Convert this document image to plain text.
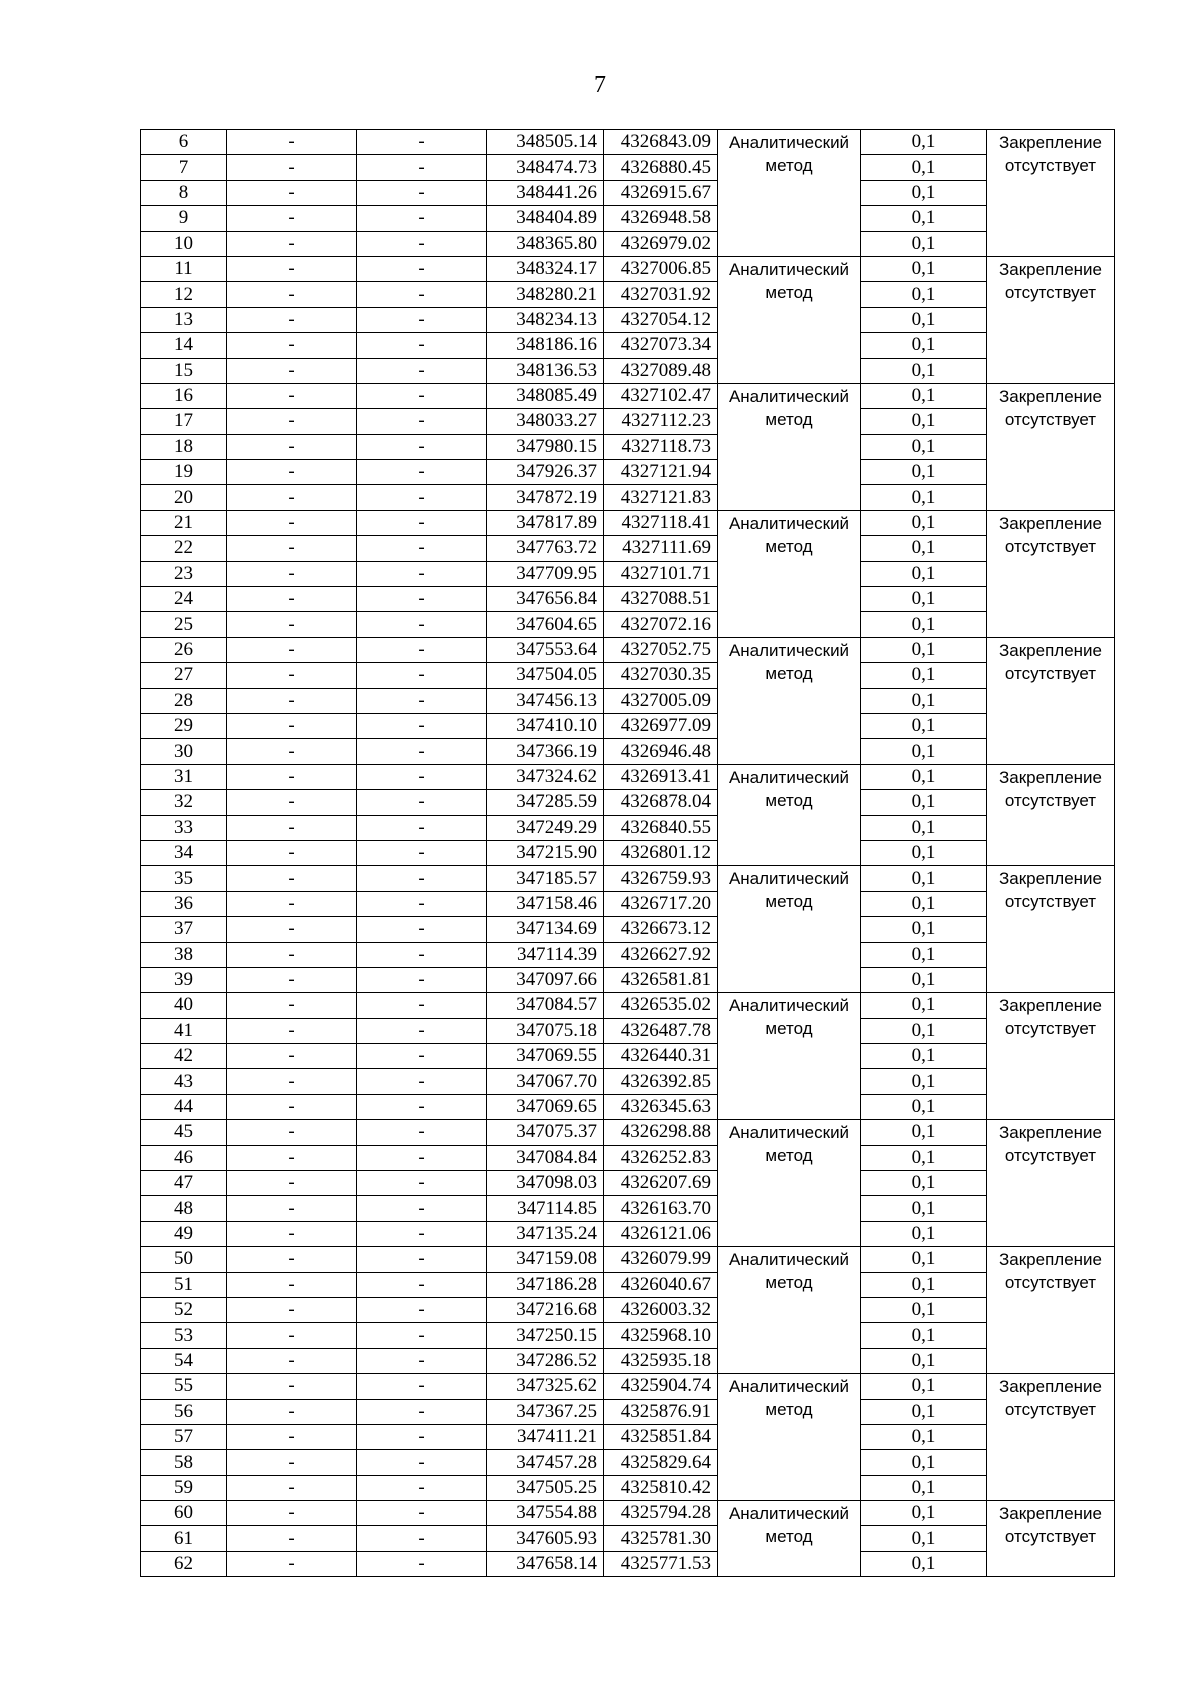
7
6	-	-	348505.14	4326843.09	Аналитический метод	0,1	Закрепление отсутствует
7	-	-	348474.73	4326880.45		0,1	
8	-	-	348441.26	4326915.67		0,1	
9	-	-	348404.89	4326948.58		0,1	
10	-	-	348365.80	4326979.02		0,1	
11	-	-	348324.17	4327006.85	Аналитический метод	0,1	Закрепление отсутствует
12	-	-	348280.21	4327031.92		0,1	
13	-	-	348234.13	4327054.12		0,1	
14	-	-	348186.16	4327073.34		0,1	
15	-	-	348136.53	4327089.48		0,1	
16	-	-	348085.49	4327102.47	Аналитический метод	0,1	Закрепление отсутствует
17	-	-	348033.27	4327112.23		0,1	
18	-	-	347980.15	4327118.73		0,1	
19	-	-	347926.37	4327121.94		0,1	
20	-	-	347872.19	4327121.83		0,1	
21	-	-	347817.89	4327118.41	Аналитический метод	0,1	Закрепление отсутствует
22	-	-	347763.72	4327111.69		0,1	
23	-	-	347709.95	4327101.71		0,1	
24	-	-	347656.84	4327088.51		0,1	
25	-	-	347604.65	4327072.16		0,1	
26	-	-	347553.64	4327052.75	Аналитический метод	0,1	Закрепление отсутствует
27	-	-	347504.05	4327030.35		0,1	
28	-	-	347456.13	4327005.09		0,1	
29	-	-	347410.10	4326977.09		0,1	
30	-	-	347366.19	4326946.48		0,1	
31	-	-	347324.62	4326913.41	Аналитический метод	0,1	Закрепление отсутствует
32	-	-	347285.59	4326878.04		0,1	
33	-	-	347249.29	4326840.55		0,1	
34	-	-	347215.90	4326801.12		0,1	
35	-	-	347185.57	4326759.93	Аналитический метод	0,1	Закрепление отсутствует
36	-	-	347158.46	4326717.20		0,1	
37	-	-	347134.69	4326673.12		0,1	
38	-	-	347114.39	4326627.92		0,1	
39	-	-	347097.66	4326581.81		0,1	
40	-	-	347084.57	4326535.02	Аналитический метод	0,1	Закрепление отсутствует
41	-	-	347075.18	4326487.78		0,1	
42	-	-	347069.55	4326440.31		0,1	
43	-	-	347067.70	4326392.85		0,1	
44	-	-	347069.65	4326345.63		0,1	
45	-	-	347075.37	4326298.88	Аналитический метод	0,1	Закрепление отсутствует
46	-	-	347084.84	4326252.83		0,1	
47	-	-	347098.03	4326207.69		0,1	
48	-	-	347114.85	4326163.70		0,1	
49	-	-	347135.24	4326121.06		0,1	
50	-	-	347159.08	4326079.99	Аналитический метод	0,1	Закрепление отсутствует
51	-	-	347186.28	4326040.67		0,1	
52	-	-	347216.68	4326003.32		0,1	
53	-	-	347250.15	4325968.10		0,1	
54	-	-	347286.52	4325935.18		0,1	
55	-	-	347325.62	4325904.74	Аналитический метод	0,1	Закрепление отсутствует
56	-	-	347367.25	4325876.91		0,1	
57	-	-	347411.21	4325851.84		0,1	
58	-	-	347457.28	4325829.64		0,1	
59	-	-	347505.25	4325810.42		0,1	
60	-	-	347554.88	4325794.28	Аналитический метод	0,1	Закрепление отсутствует
61	-	-	347605.93	4325781.30		0,1	
62	-	-	347658.14	4325771.53		0,1	
